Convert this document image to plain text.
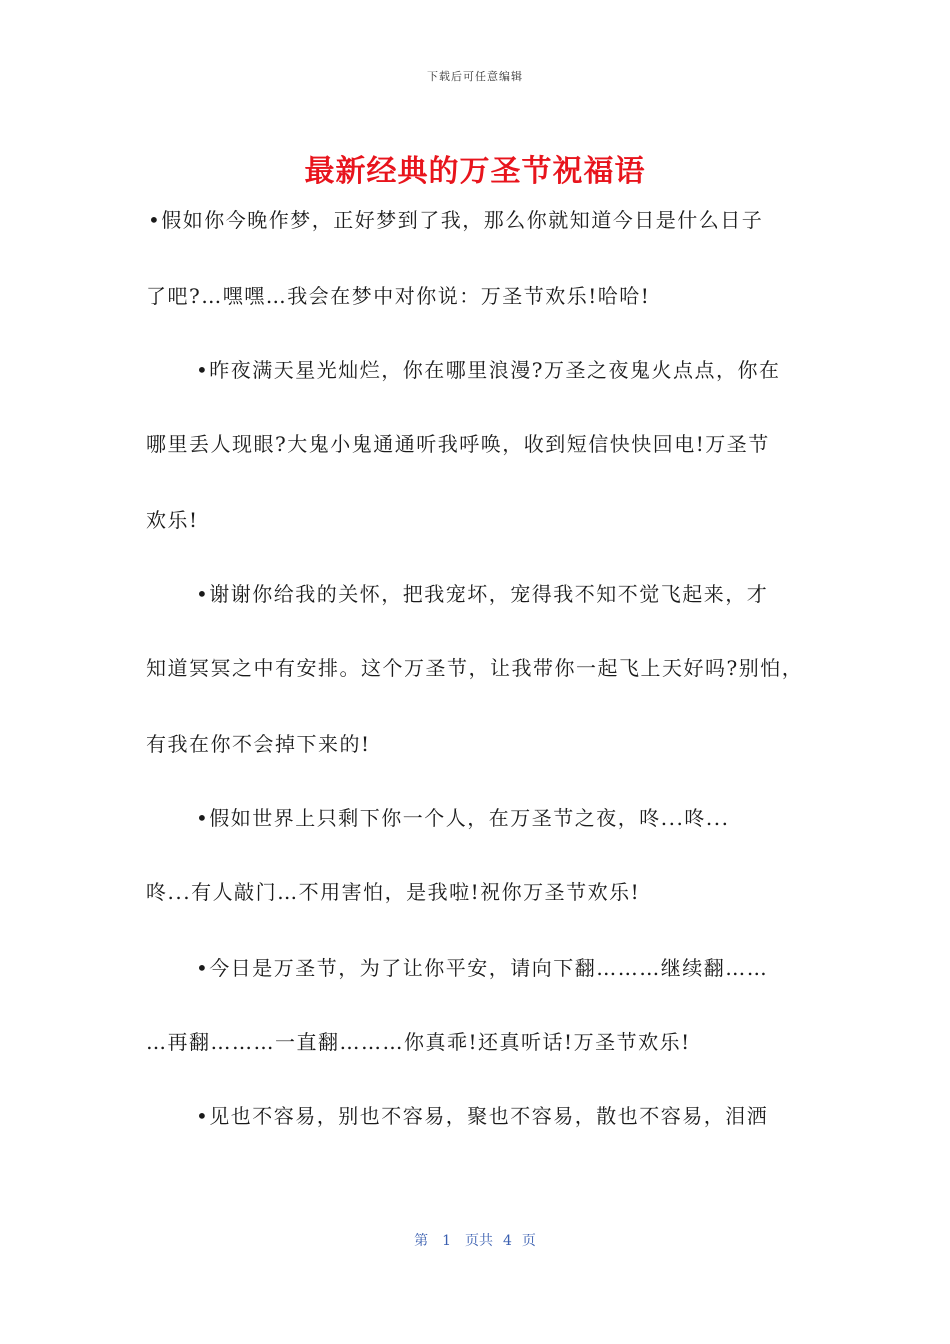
下载后可任意编辑
最新经典的万圣节祝福语
•假如你今晚作梦，正好梦到了我，那么你就知道今日是什么日子
了吧?…嘿嘿…我会在梦中对你说：万圣节欢乐!哈哈!
•昨夜满天星光灿烂，你在哪里浪漫?万圣之夜鬼火点点，你在
哪里丢人现眼?大鬼小鬼通通听我呼唤，收到短信快快回电!万圣节
欢乐!
•谢谢你给我的关怀，把我宠坏，宠得我不知不觉飞起来，才
知道冥冥之中有安排。这个万圣节，让我带你一起飞上天好吗?别怕，
有我在你不会掉下来的!
•假如世界上只剩下你一个人，在万圣节之夜，咚...咚...
咚...有人敲门…不用害怕，是我啦!祝你万圣节欢乐!
•今日是万圣节，为了让你平安，请向下翻………继续翻……
…再翻………一直翻………你真乖!还真听话!万圣节欢乐!
•见也不容易，别也不容易，聚也不容易，散也不容易，泪洒
第 1 页共 4 页
